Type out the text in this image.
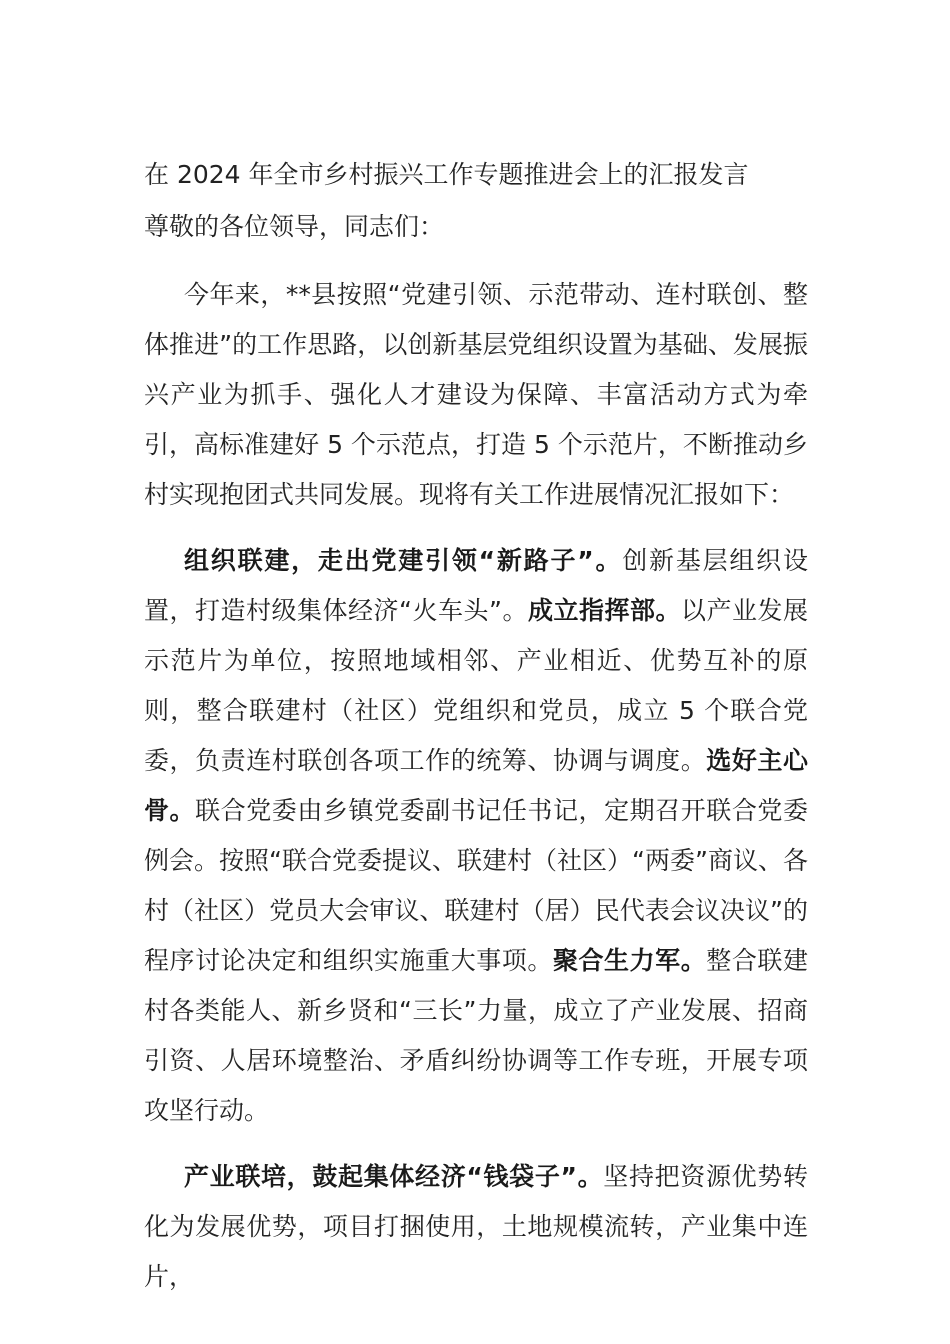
在 2024 年全市乡村振兴工作专题推进会上的汇报发言
尊敬的各位领导，同志们：

今年来，**县按照“党建引领、示范带动、连村联创、整体推进”的工作思路，以创新基层党组织设置为基础、发展振兴产业为抓手、强化人才建设为保障、丰富活动方式为牵引，高标准建好 5 个示范点，打造 5 个示范片，不断推动乡村实现抱团式共同发展。现将有关工作进展情况汇报如下：

组织联建，走出党建引领“新路子”。创新基层组织设置，打造村级集体经济“火车头”。成立指挥部。以产业发展示范片为单位，按照地域相邻、产业相近、优势互补的原则，整合联建村（社区）党组织和党员，成立 5 个联合党委，负责连村联创各项工作的统筹、协调与调度。选好主心骨。联合党委由乡镇党委副书记任书记，定期召开联合党委例会。按照“联合党委提议、联建村（社区）“两委”商议、各村（社区）党员大会审议、联建村（居）民代表会议决议”的程序讨论决定和组织实施重大事项。聚合生力军。整合联建村各类能人、新乡贤和“三长”力量，成立了产业发展、招商引资、人居环境整治、矛盾纠纷协调等工作专班，开展专项攻坚行动。

产业联培，鼓起集体经济“钱袋子”。坚持把资源优势转化为发展优势，项目打捆使用，土地规模流转，产业集中连片，
